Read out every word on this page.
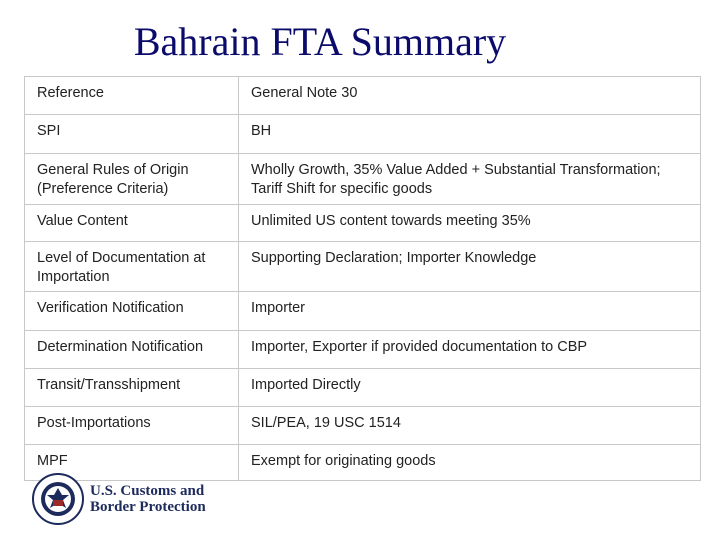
Bahrain FTA Summary
Reference	General Note 30
SPI	BH
General Rules of Origin (Preference Criteria)	Wholly Growth, 35% Value Added + Substantial Transformation; Tariff Shift for specific goods
Value Content	Unlimited US content towards meeting 35%
Level of Documentation at Importation	Supporting Declaration; Importer Knowledge
Verification Notification	Importer
Determination Notification	Importer, Exporter if provided documentation to CBP
Transit/Transshipment	Imported Directly
Post-Importations	SIL/PEA, 19 USC 1514
MPF	Exempt for originating goods
U.S. Customs and
Border Protection
